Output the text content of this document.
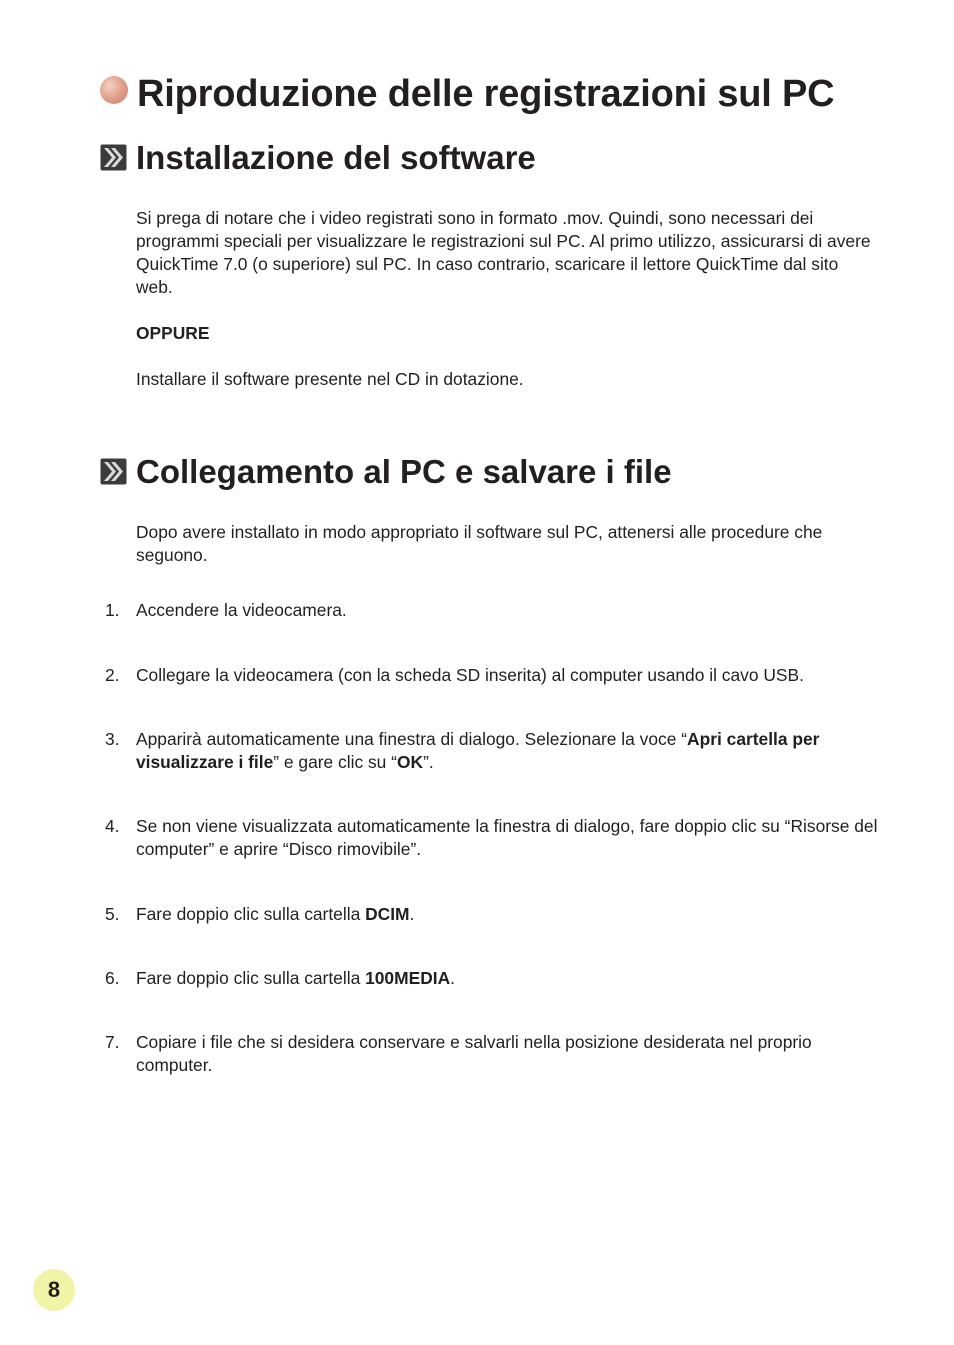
Riproduzione delle registrazioni sul PC
Installazione del software

Si prega di notare che i video registrati sono in formato .mov. Quindi, sono necessari dei programmi speciali per visualizzare le registrazioni sul PC. Al primo utilizzo, assicurarsi di avere QuickTime 7.0 (o superiore) sul PC. In caso contrario, scaricare il lettore QuickTime dal sito web.

OPPURE

Installare il software presente nel CD in dotazione.

Collegamento al PC e salvare i file

Dopo avere installato in modo appropriato il software sul PC, attenersi alle procedure che seguono.

1. Accendere la videocamera.
2. Collegare la videocamera (con la scheda SD inserita) al computer usando il cavo USB.
3. Apparirà automaticamente una finestra di dialogo. Selezionare la voce “Apri cartella per visualizzare i file” e gare clic su “OK”.
4. Se non viene visualizzata automaticamente la finestra di dialogo, fare doppio clic su “Risorse del computer” e aprire “Disco rimovibile”.
5. Fare doppio clic sulla cartella DCIM.
6. Fare doppio clic sulla cartella 100MEDIA.
7. Copiare i file che si desidera conservare e salvarli nella posizione desiderata nel proprio computer.
8
